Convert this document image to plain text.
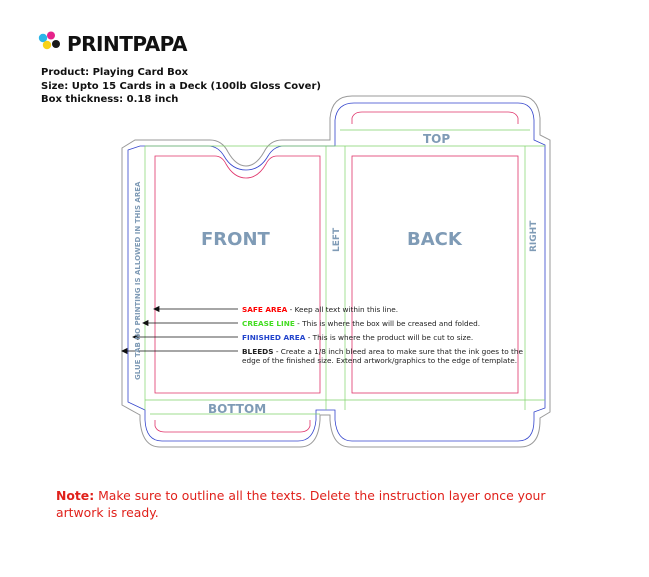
PRINTPAPA
Product: Playing Card Box
Size: Upto 15 Cards in a Deck (100lb Gloss Cover)
Box thickness: 0.18 inch
FRONT	BACK
TOP
BOTTOM
LEFT	RIGHT
GLUE TAB NO PRINTING IS ALLOWED IN THIS AREA	SAFE AREA - Keep all text within this line.
CREASE LINE - This is where the box will be creased and folded.
FINISHED AREA - This is where the product will be cut to size.
BLEEDS - Create a 1/8 inch bleed area to make sure that the ink goes to the
edge of the finished size. Extend artwork/graphics to the edge of template.
Note: Make sure to outline all the texts. Delete the instruction layer once your artwork is ready.
